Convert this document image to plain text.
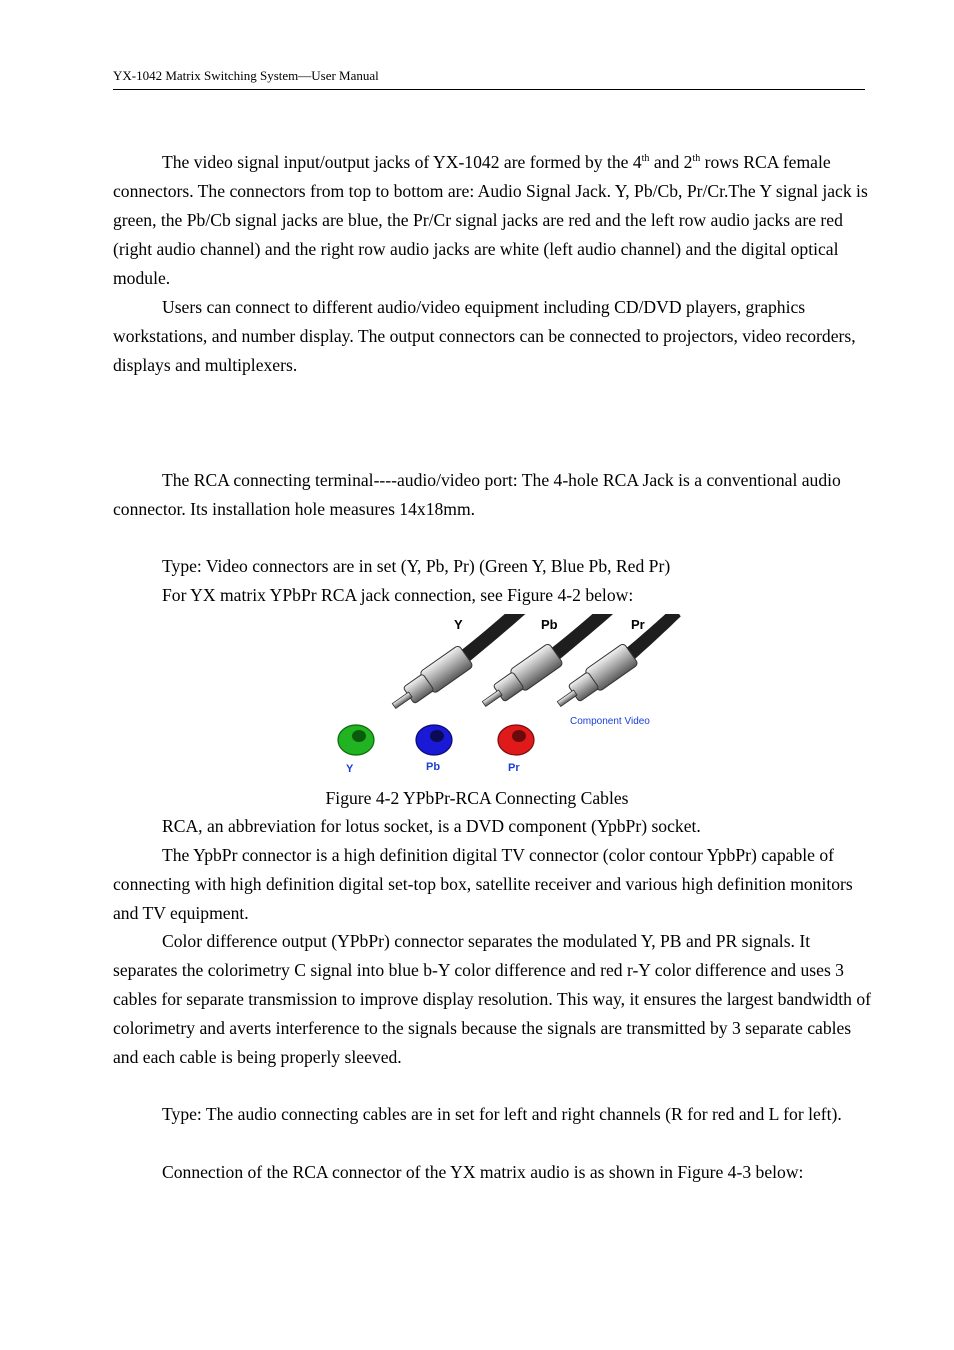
YX-1042 Matrix Switching System—User Manual

The video signal input/output jacks of YX-1042 are formed by the 4th and 2th rows RCA female connectors. The connectors from top to bottom are: Audio Signal Jack. Y, Pb/Cb, Pr/Cr.The Y signal jack is green, the Pb/Cb signal jacks are blue, the Pr/Cr signal jacks are red and the left row audio jacks are red (right audio channel) and the right row audio jacks are white (left audio channel) and the digital optical module.

Users can connect to different audio/video equipment including CD/DVD players, graphics workstations, and number display. The output connectors can be connected to projectors, video recorders, displays and multiplexers.

The RCA connecting terminal----audio/video port: The 4-hole RCA Jack is a conventional audio connector. Its installation hole measures 14x18mm.

Type: Video connectors are in set (Y, Pb, Pr) (Green Y, Blue Pb, Red Pr)

For YX matrix YPbPr RCA jack connection, see Figure 4-2 below:

Y	Pb	Pr
Y	Pb	Pr
Component Video
Figure 4-2 YPbPr-RCA Connecting Cables

RCA, an abbreviation for lotus socket, is a DVD component (YpbPr) socket.

The YpbPr connector is a high definition digital TV connector (color contour YpbPr) capable of connecting with high definition digital set-top box, satellite receiver and various high definition monitors and TV equipment.

Color difference output (YPbPr) connector separates the modulated Y, PB and PR signals. It separates the colorimetry C signal into blue b-Y color difference and red r-Y color difference and uses 3 cables for separate transmission to improve display resolution. This way, it ensures the largest bandwidth of colorimetry and averts interference to the signals because the signals are transmitted by 3 separate cables and each cable is being properly sleeved.

Type: The audio connecting cables are in set for left and right channels (R for red and L for left).

Connection of the RCA connector of the YX matrix audio is as shown in Figure 4-3 below:
